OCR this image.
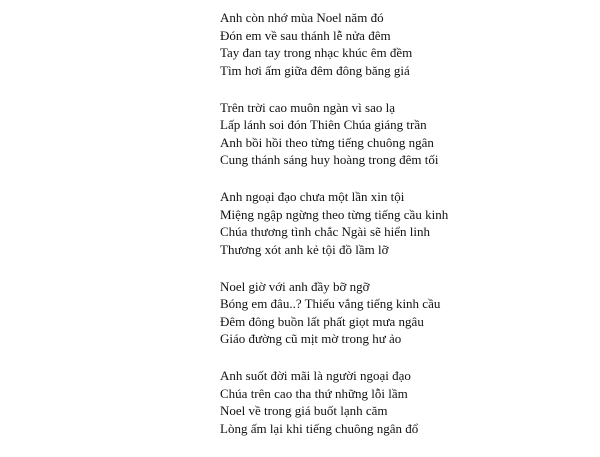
Anh còn nhớ mùa Noel năm đó
Đón em về sau thánh lễ nửa đêm
Tay đan tay trong nhạc khúc êm đềm
Tìm hơi ấm giữa đêm đông băng giá
Trên trời cao muôn ngàn vì sao lạ
Lấp lánh soi đón Thiên Chúa giáng trần
Anh bồi hồi theo từng tiếng chuông ngân
Cung thánh sáng huy hoàng trong đêm tối
Anh ngoại đạo chưa một lần xin tội
Miệng ngập ngừng theo từng tiếng cầu kinh
Chúa thương tình chắc Ngài sẽ hiển linh
Thương xót anh kẻ tội đồ lầm lỡ
Noel giờ với anh đầy bỡ ngỡ
Bóng em đâu..? Thiếu vắng tiếng kinh cầu
Đêm đông buồn lất phất giọt mưa ngâu
Giáo đường cũ mịt mờ trong hư ảo
Anh suốt đời mãi là người ngoại đạo
Chúa trên cao tha thứ những lỗi lầm
Noel về trong giá buốt lạnh căm
Lòng ấm lại khi tiếng chuông ngân đổ
